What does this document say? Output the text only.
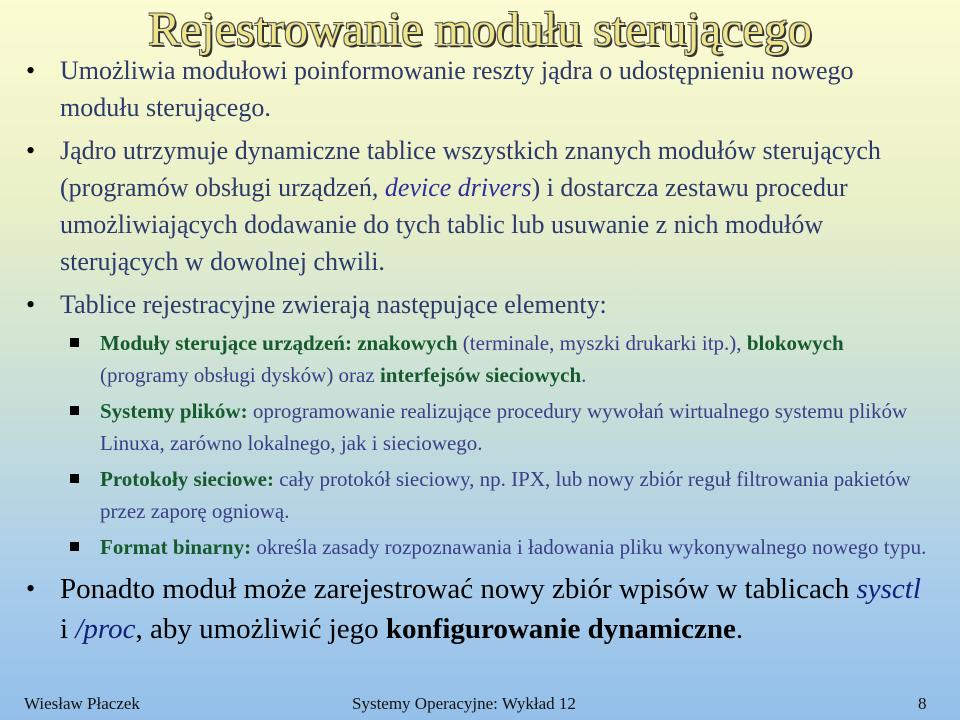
Rejestrowanie modułu sterującego
• Umożliwia modułowi poinformowanie reszty jądra o udostępnieniu nowego modułu sterującego.
• Jądro utrzymuje dynamiczne tablice wszystkich znanych modułów sterujących (programów obsługi urządzeń, device drivers) i dostarcza zestawu procedur umożliwiających dodawanie do tych tablic lub usuwanie z nich modułów sterujących w dowolnej chwili.
• Tablice rejestracyjne zwierają następujące elementy:
Moduły sterujące urządzeń: znakowych (terminale, myszki drukarki itp.), blokowych (programy obsługi dysków) oraz interfejsów sieciowych.
Systemy plików: oprogramowanie realizujące procedury wywołań wirtualnego systemu plików Linuxa, zarówno lokalnego, jak i sieciowego.
Protokoły sieciowe: cały protokół sieciowy, np. IPX, lub nowy zbiór reguł filtrowania pakietów przez zaporę ogniową.
Format binarny: określa zasady rozpoznawania i ładowania pliku wykonywalnego nowego typu.
• Ponadto moduł może zarejestrować nowy zbiór wpisów w tablicach sysctl i /proc, aby umożliwić jego konfigurowanie dynamiczne.
Wiesław Płaczek	Systemy Operacyjne: Wykład 12	8
